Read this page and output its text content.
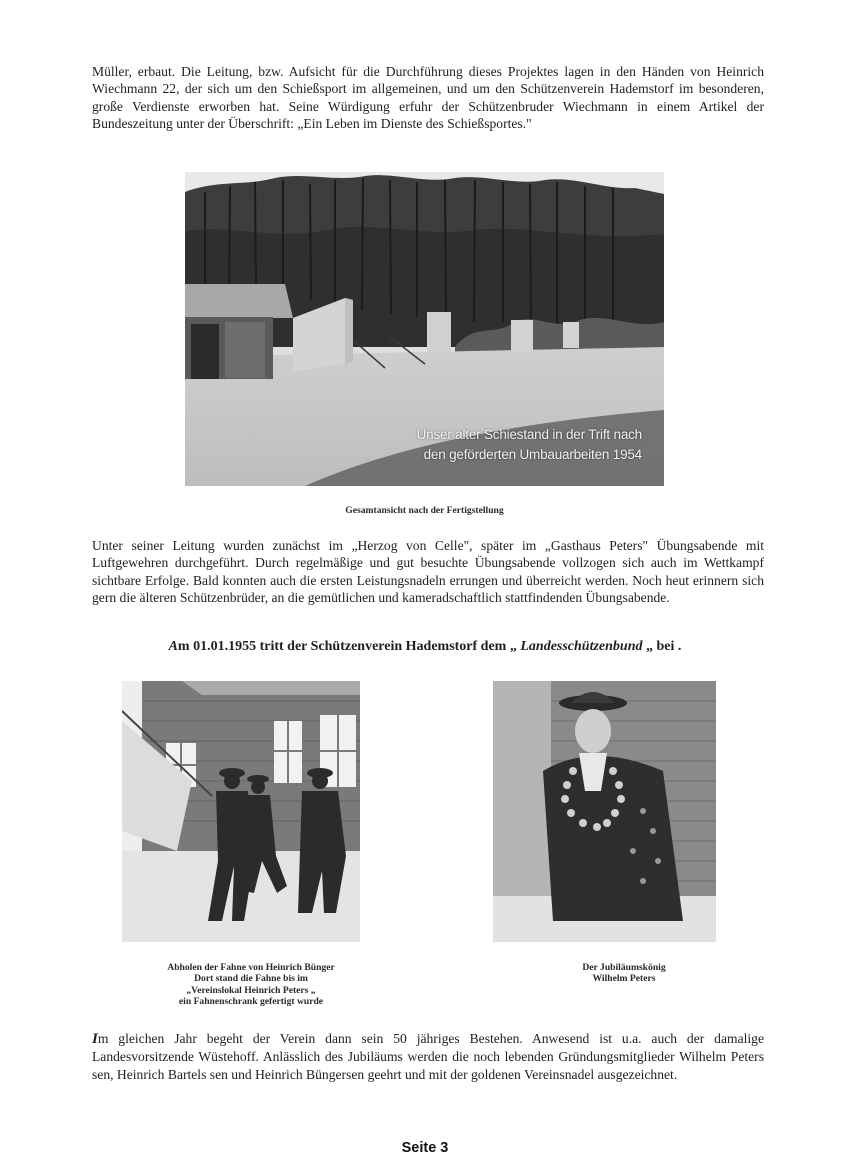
Müller, erbaut. Die Leitung, bzw. Aufsicht für die Durchführung dieses Projektes lagen in den Händen von Heinrich Wiechmann 22, der sich um den Schießsport im allgemeinen, und um den Schützenverein Hademstorf im besonderen, große Verdienste erworben hat. Seine Würdigung erfuhr der Schützenbruder Wiechmann in einem Artikel der Bundeszeitung unter der Überschrift: „Ein Leben im Dienste des Schießsportes."
Unser alter Schiestand in der Trift nach
den geförderten Umbauarbeiten 1954
Gesamtansicht nach der Fertigstellung
Unter seiner Leitung wurden zunächst im „Herzog von Celle", später im „Gasthaus Peters" Übungsabende mit Luftgewehren durchgeführt. Durch regelmäßige und gut besuchte Übungsabende vollzogen sich auch im Wettkampf sichtbare Erfolge. Bald konnten auch die ersten Leistungsnadeln errungen und überreicht werden. Noch heut erinnern sich gern die älteren Schützenbrüder, an die gemütlichen und kameradschaftlich stattfindenden Übungsabende.
Am 01.01.1955 tritt der Schützenverein Hademstorf dem „ Landesschützenbund „ bei .
Abholen der Fahne von Heinrich Bünger
Dort stand die Fahne bis im
„Vereinslokal Heinrich Peters „
ein Fahnenschrank gefertigt wurde
Der Jubiläumskönig
Wilhelm Peters
Im gleichen Jahr begeht der Verein dann sein 50 jähriges Bestehen. Anwesend ist u.a. auch der damalige Landesvorsitzende Wüstehoff. Anlässlich des Jubiläums werden die noch lebenden Gründungsmitglieder Wilhelm Peters sen, Heinrich Bartels sen und Heinrich Büngersen geehrt und mit der goldenen Vereinsnadel ausgezeichnet.
Seite 3
